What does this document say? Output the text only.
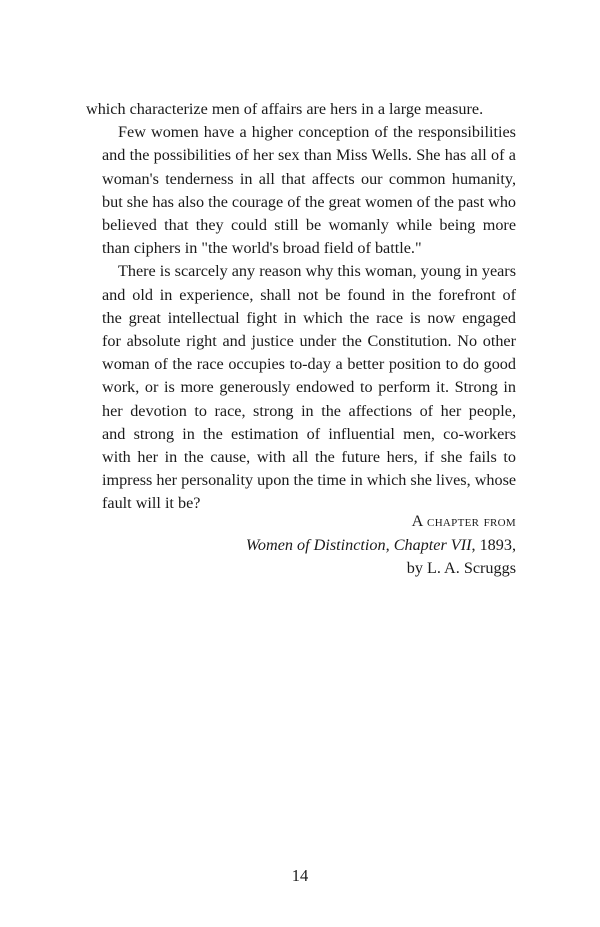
which characterize men of affairs are hers in a large measure.

Few women have a higher conception of the responsibilities
and the possibilities of her sex than Miss Wells. She has all of a
woman's tenderness in all that affects our common humanity,
but she has also the courage of the great women of the past who
believed that they could still be womanly while being more
than ciphers in "the world's broad field of battle."

There is scarcely any reason why this woman, young in years
and old in experience, shall not be found in the forefront of
the great intellectual fight in which the race is now engaged
for absolute right and justice under the Constitution. No other
woman of the race occupies to-day a better position to do good
work, or is more generously endowed to perform it. Strong in
her devotion to race, strong in the affections of her people,
and strong in the estimation of influential men, co-workers
with her in the cause, with all the future hers, if she fails to
impress her personality upon the time in which she lives, whose
fault will it be?

A chapter from
Women of Distinction, Chapter VII, 1893,
by L. A. Scruggs
14
